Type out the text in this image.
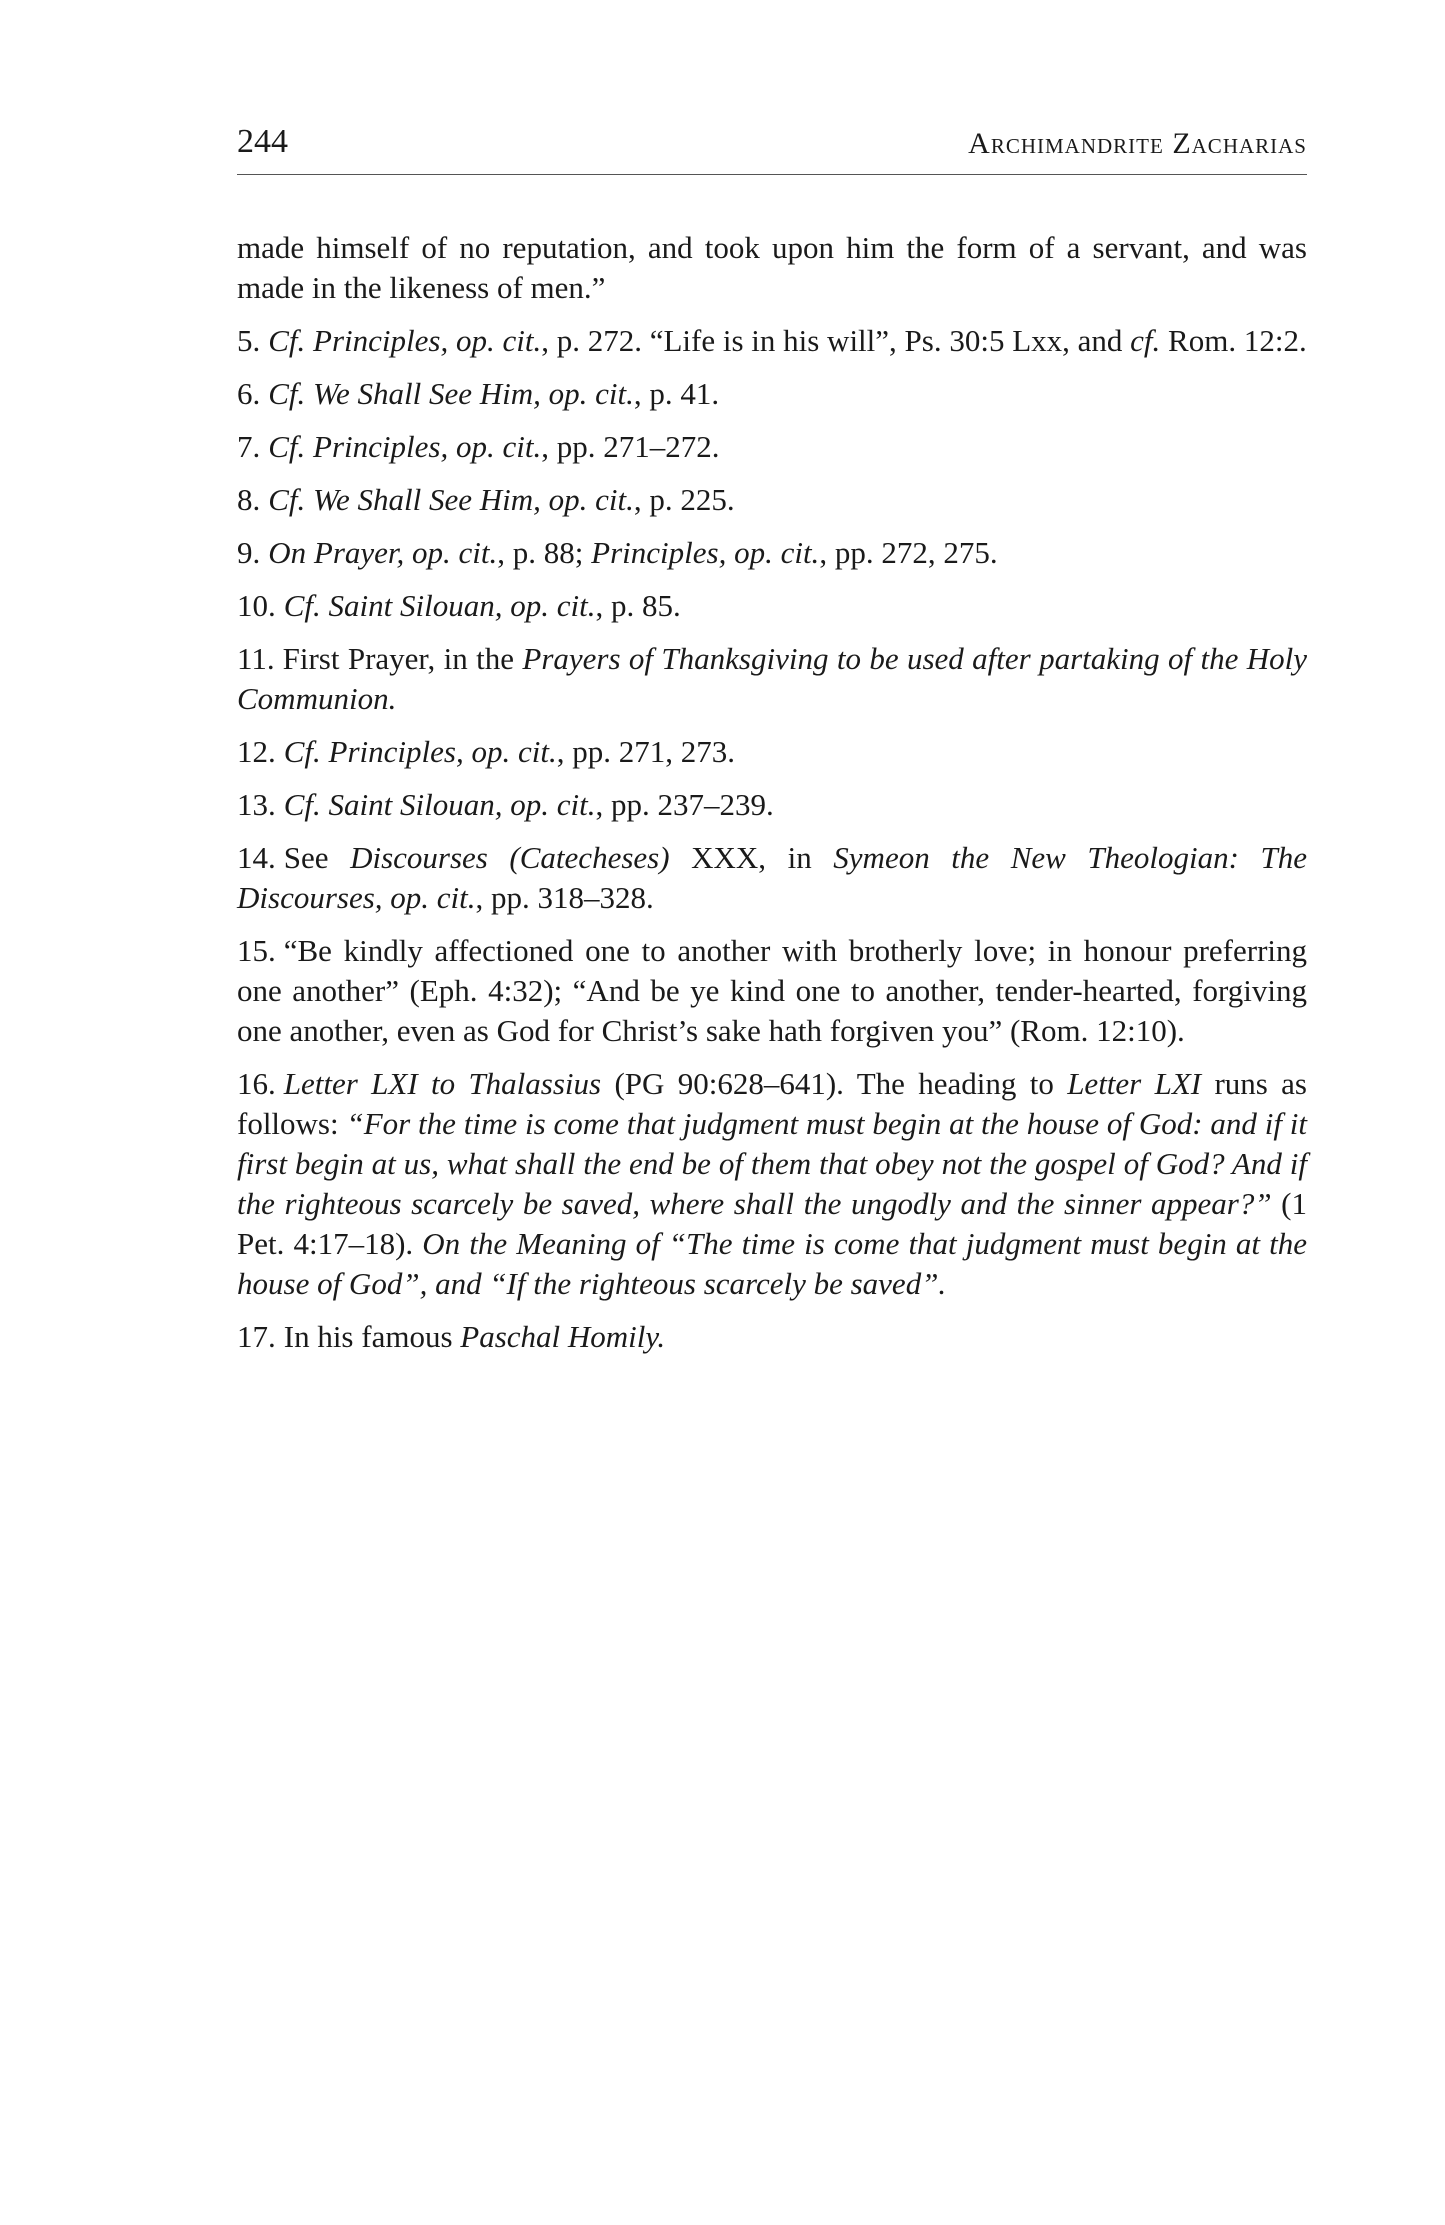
244	Archimandrite Zacharias

made himself of no reputation, and took upon him the form of a servant, and was made in the likeness of men.”

5. Cf. Principles, op. cit., p. 272. “Life is in his will”, Ps. 30:5 Lxx, and cf. Rom. 12:2.

6. Cf. We Shall See Him, op. cit., p. 41.

7. Cf. Principles, op. cit., pp. 271–272.

8. Cf. We Shall See Him, op. cit., p. 225.

9. On Prayer, op. cit., p. 88; Principles, op. cit., pp. 272, 275.

10. Cf. Saint Silouan, op. cit., p. 85.

11. First Prayer, in the Prayers of Thanksgiving to be used after partaking of the Holy Communion.

12. Cf. Principles, op. cit., pp. 271, 273.

13. Cf. Saint Silouan, op. cit., pp. 237–239.

14. See Discourses (Catecheses) XXX, in Symeon the New Theologian: The Discourses, op. cit., pp. 318–328.

15. “Be kindly affectioned one to another with brotherly love; in honour preferring one another” (Eph. 4:32); “And be ye kind one to another, tender-hearted, forgiving one another, even as God for Christ’s sake hath forgiven you” (Rom. 12:10).

16. Letter LXI to Thalassius (PG 90:628–641). The heading to Letter LXI runs as follows: “For the time is come that judgment must begin at the house of God: and if it first begin at us, what shall the end be of them that obey not the gospel of God? And if the righteous scarcely be saved, where shall the ungodly and the sinner appear?” (1 Pet. 4:17–18). On the Meaning of “The time is come that judgment must begin at the house of God”, and “If the righteous scarcely be saved”.

17. In his famous Paschal Homily.
